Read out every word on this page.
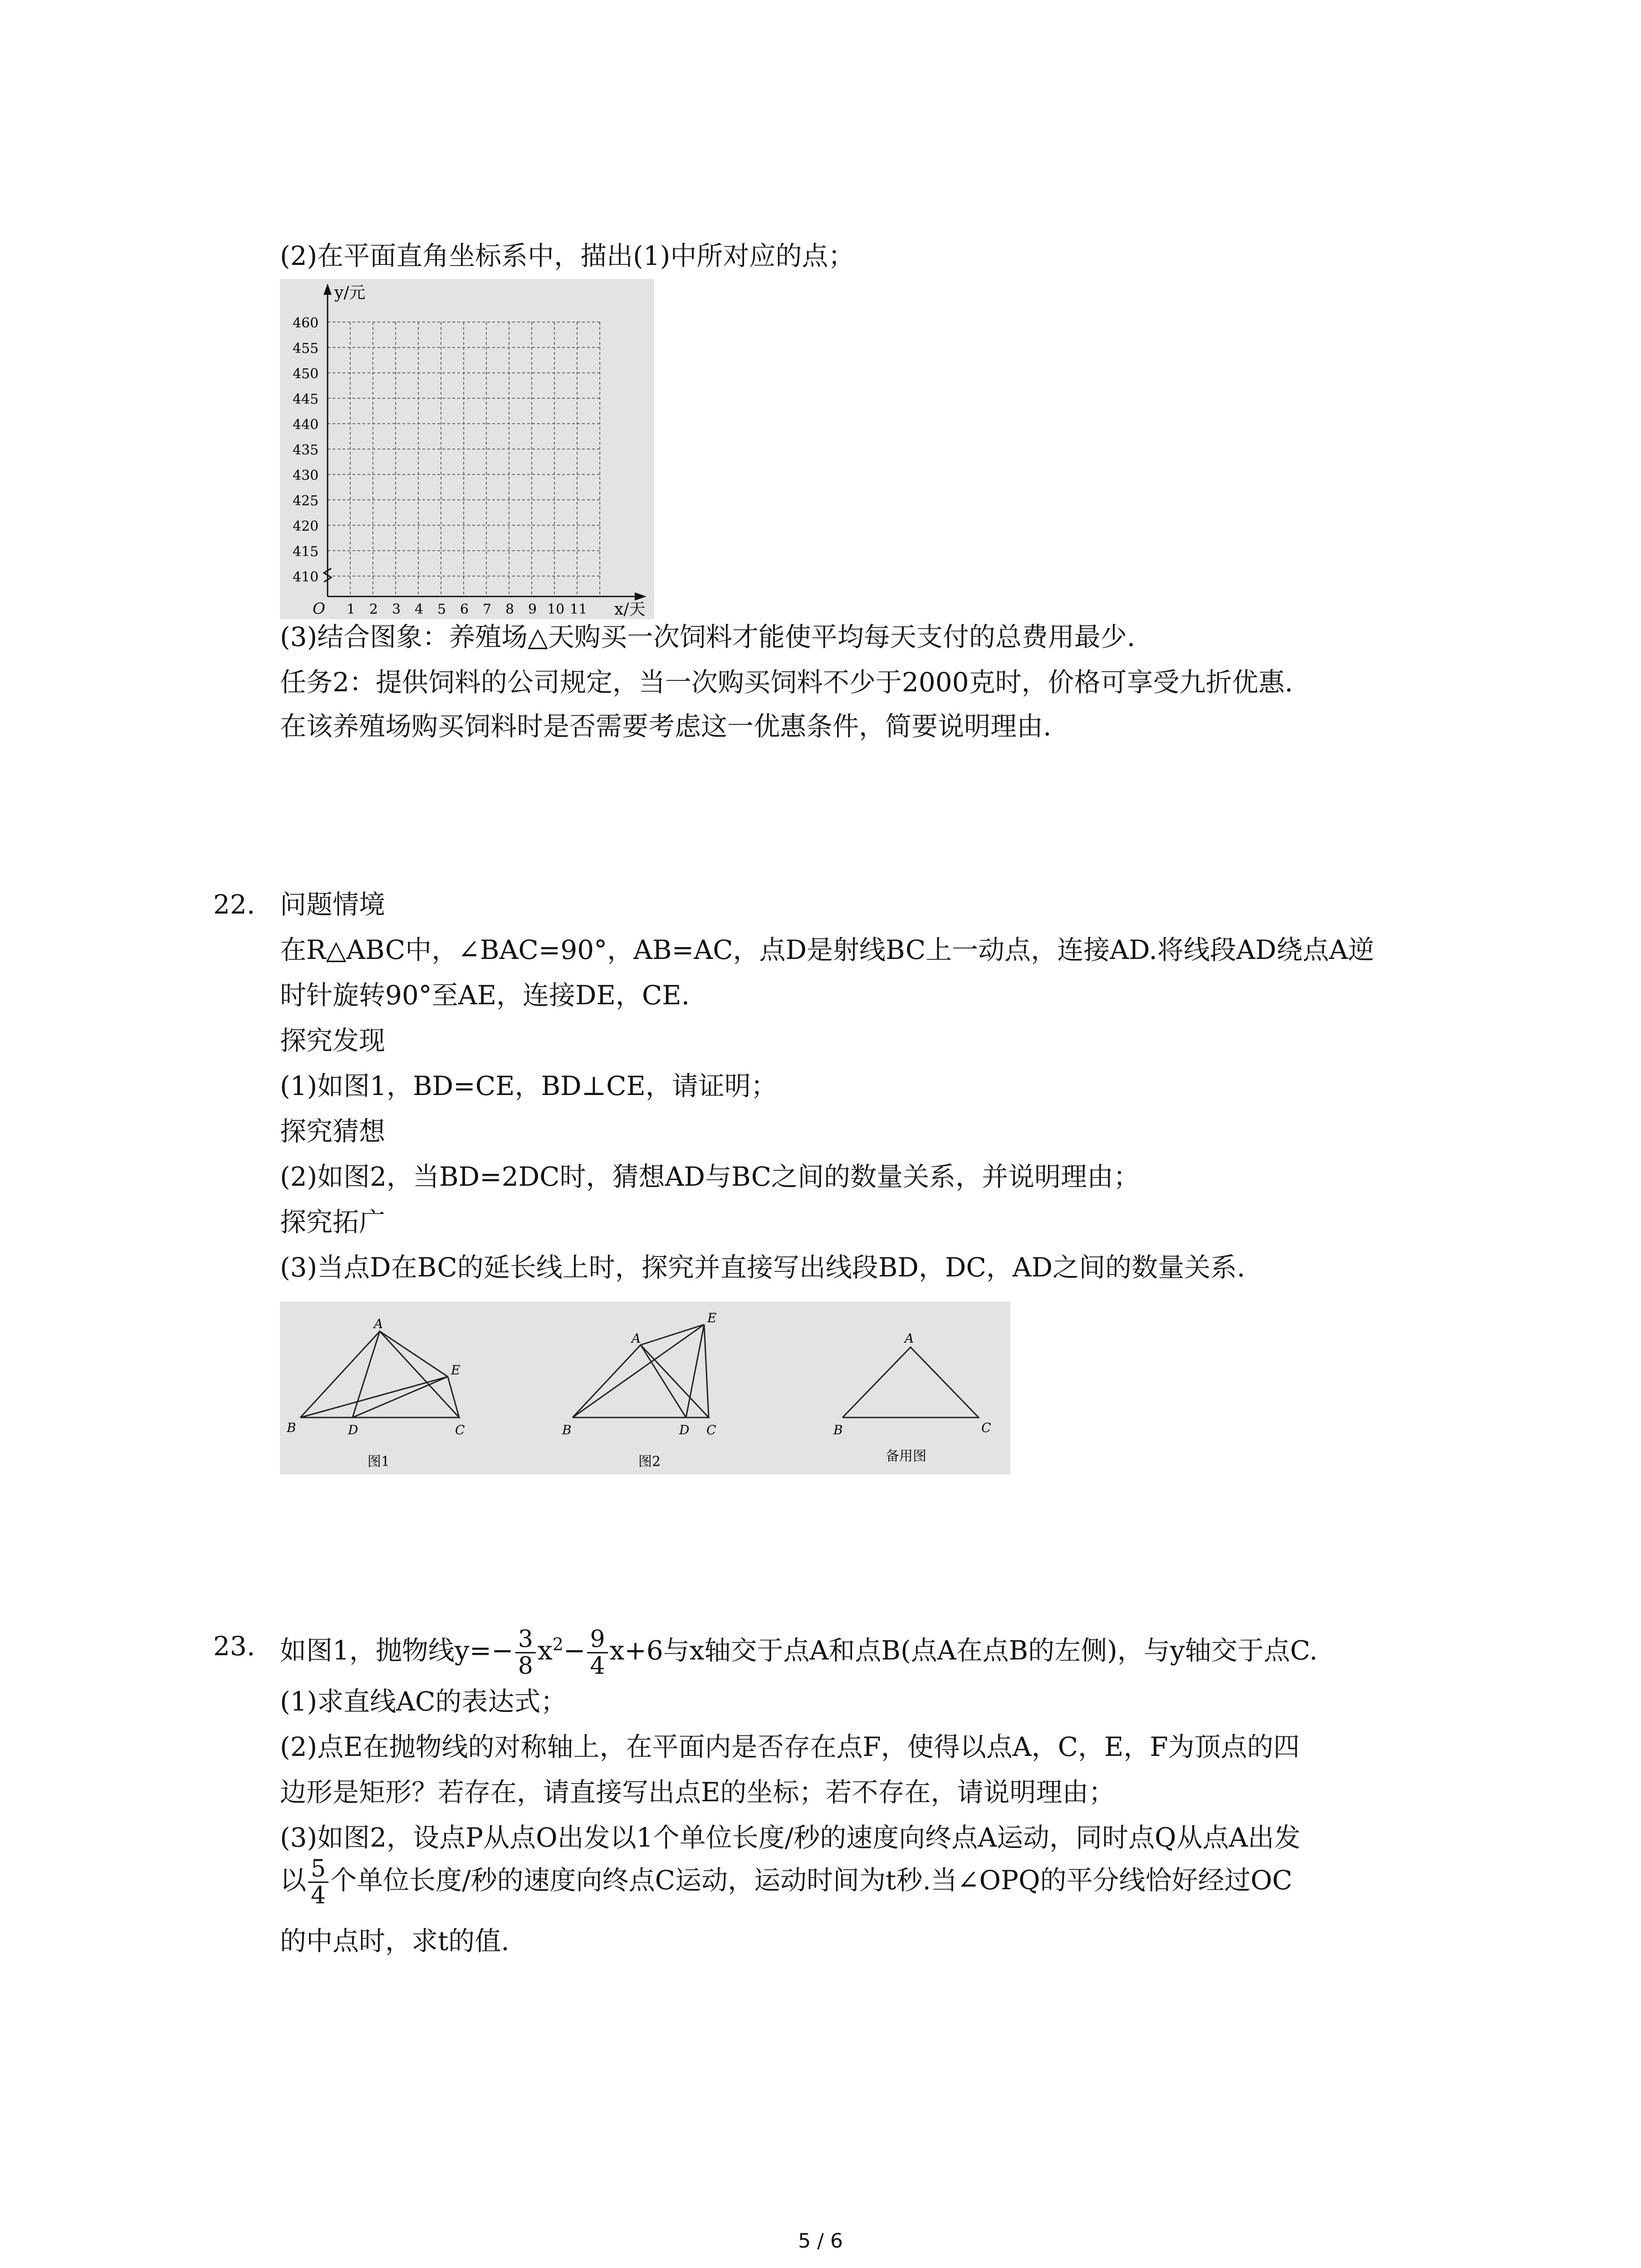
(2)在平面直角坐标系中，描出(1)中所对应的点；
y/元
x/天
O
460
455
450
445
440
435
430
425
420
415
410
1 2 3 4 5 6 7 8 9 10 11
(3)结合图象：养殖场△天购买一次饲料才能使平均每天支付的总费用最少.
任务2：提供饲料的公司规定，当一次购买饲料不少于2000克时，价格可享受九折优惠.
在该养殖场购买饲料时是否需要考虑这一优惠条件，简要说明理由.
22. 问题情境
在R△ABC中，∠BAC=90°，AB=AC，点D是射线BC上一动点，连接AD.将线段AD绕点A逆
时针旋转90°至AE，连接DE，CE.
探究发现
(1)如图1，BD=CE，BD⊥CE，请证明；
探究猜想
(2)如图2，当BD=2DC时，猜想AD与BC之间的数量关系，并说明理由；
探究拓广
(3)当点D在BC的延长线上时，探究并直接写出线段BD，DC，AD之间的数量关系.
A
B	D	C
E
图1
A
B	D C
E
图2
A
B	C
备用图
23. 如图1，抛物线$y=- \frac{3}{8} x^2- \frac{9}{4} x+6$与x轴交于点A和点B(点A在点B的左侧)，与y轴交于点C.
(1)求直线AC的表达式；
(2)点E在抛物线的对称轴上，在平面内是否存在点F，使得以点A，C，E，F为顶点的四
边形是矩形？若存在，请直接写出点E的坐标；若不存在，请说明理由；
(3)如图2，设点P从点O出发以1个单位长度/秒的速度向终点A运动，同时点Q从点A出发
以 $\frac{5}{4}$ 个单位长度/秒的速度向终点C运动，运动时间为t秒.当∠OPQ的平分线恰好经过OC
的中点时，求t的值.
5 / 6
